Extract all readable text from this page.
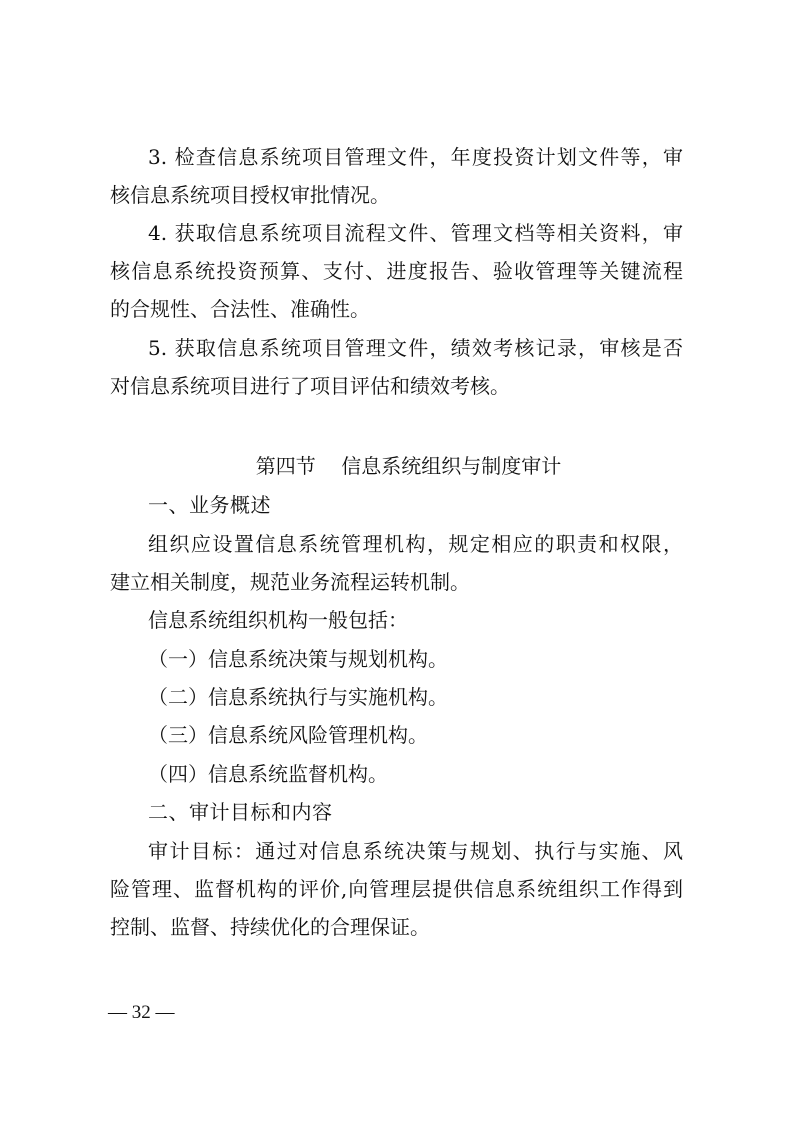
3. 检查信息系统项目管理文件，年度投资计划文件等，审
核信息系统项目授权审批情况。
4. 获取信息系统项目流程文件、管理文档等相关资料，审
核信息系统投资预算、支付、进度报告、验收管理等关键流程
的合规性、合法性、准确性。
5. 获取信息系统项目管理文件，绩效考核记录，审核是否
对信息系统项目进行了项目评估和绩效考核。
第四节    信息系统组织与制度审计
一、业务概述
组织应设置信息系统管理机构，规定相应的职责和权限，
建立相关制度，规范业务流程运转机制。
信息系统组织机构一般包括：
（一）信息系统决策与规划机构。
（二）信息系统执行与实施机构。
（三）信息系统风险管理机构。
（四）信息系统监督机构。
二、审计目标和内容
审计目标：通过对信息系统决策与规划、执行与实施、风
险管理、监督机构的评价,向管理层提供信息系统组织工作得到
控制、监督、持续优化的合理保证。
— 32 —
